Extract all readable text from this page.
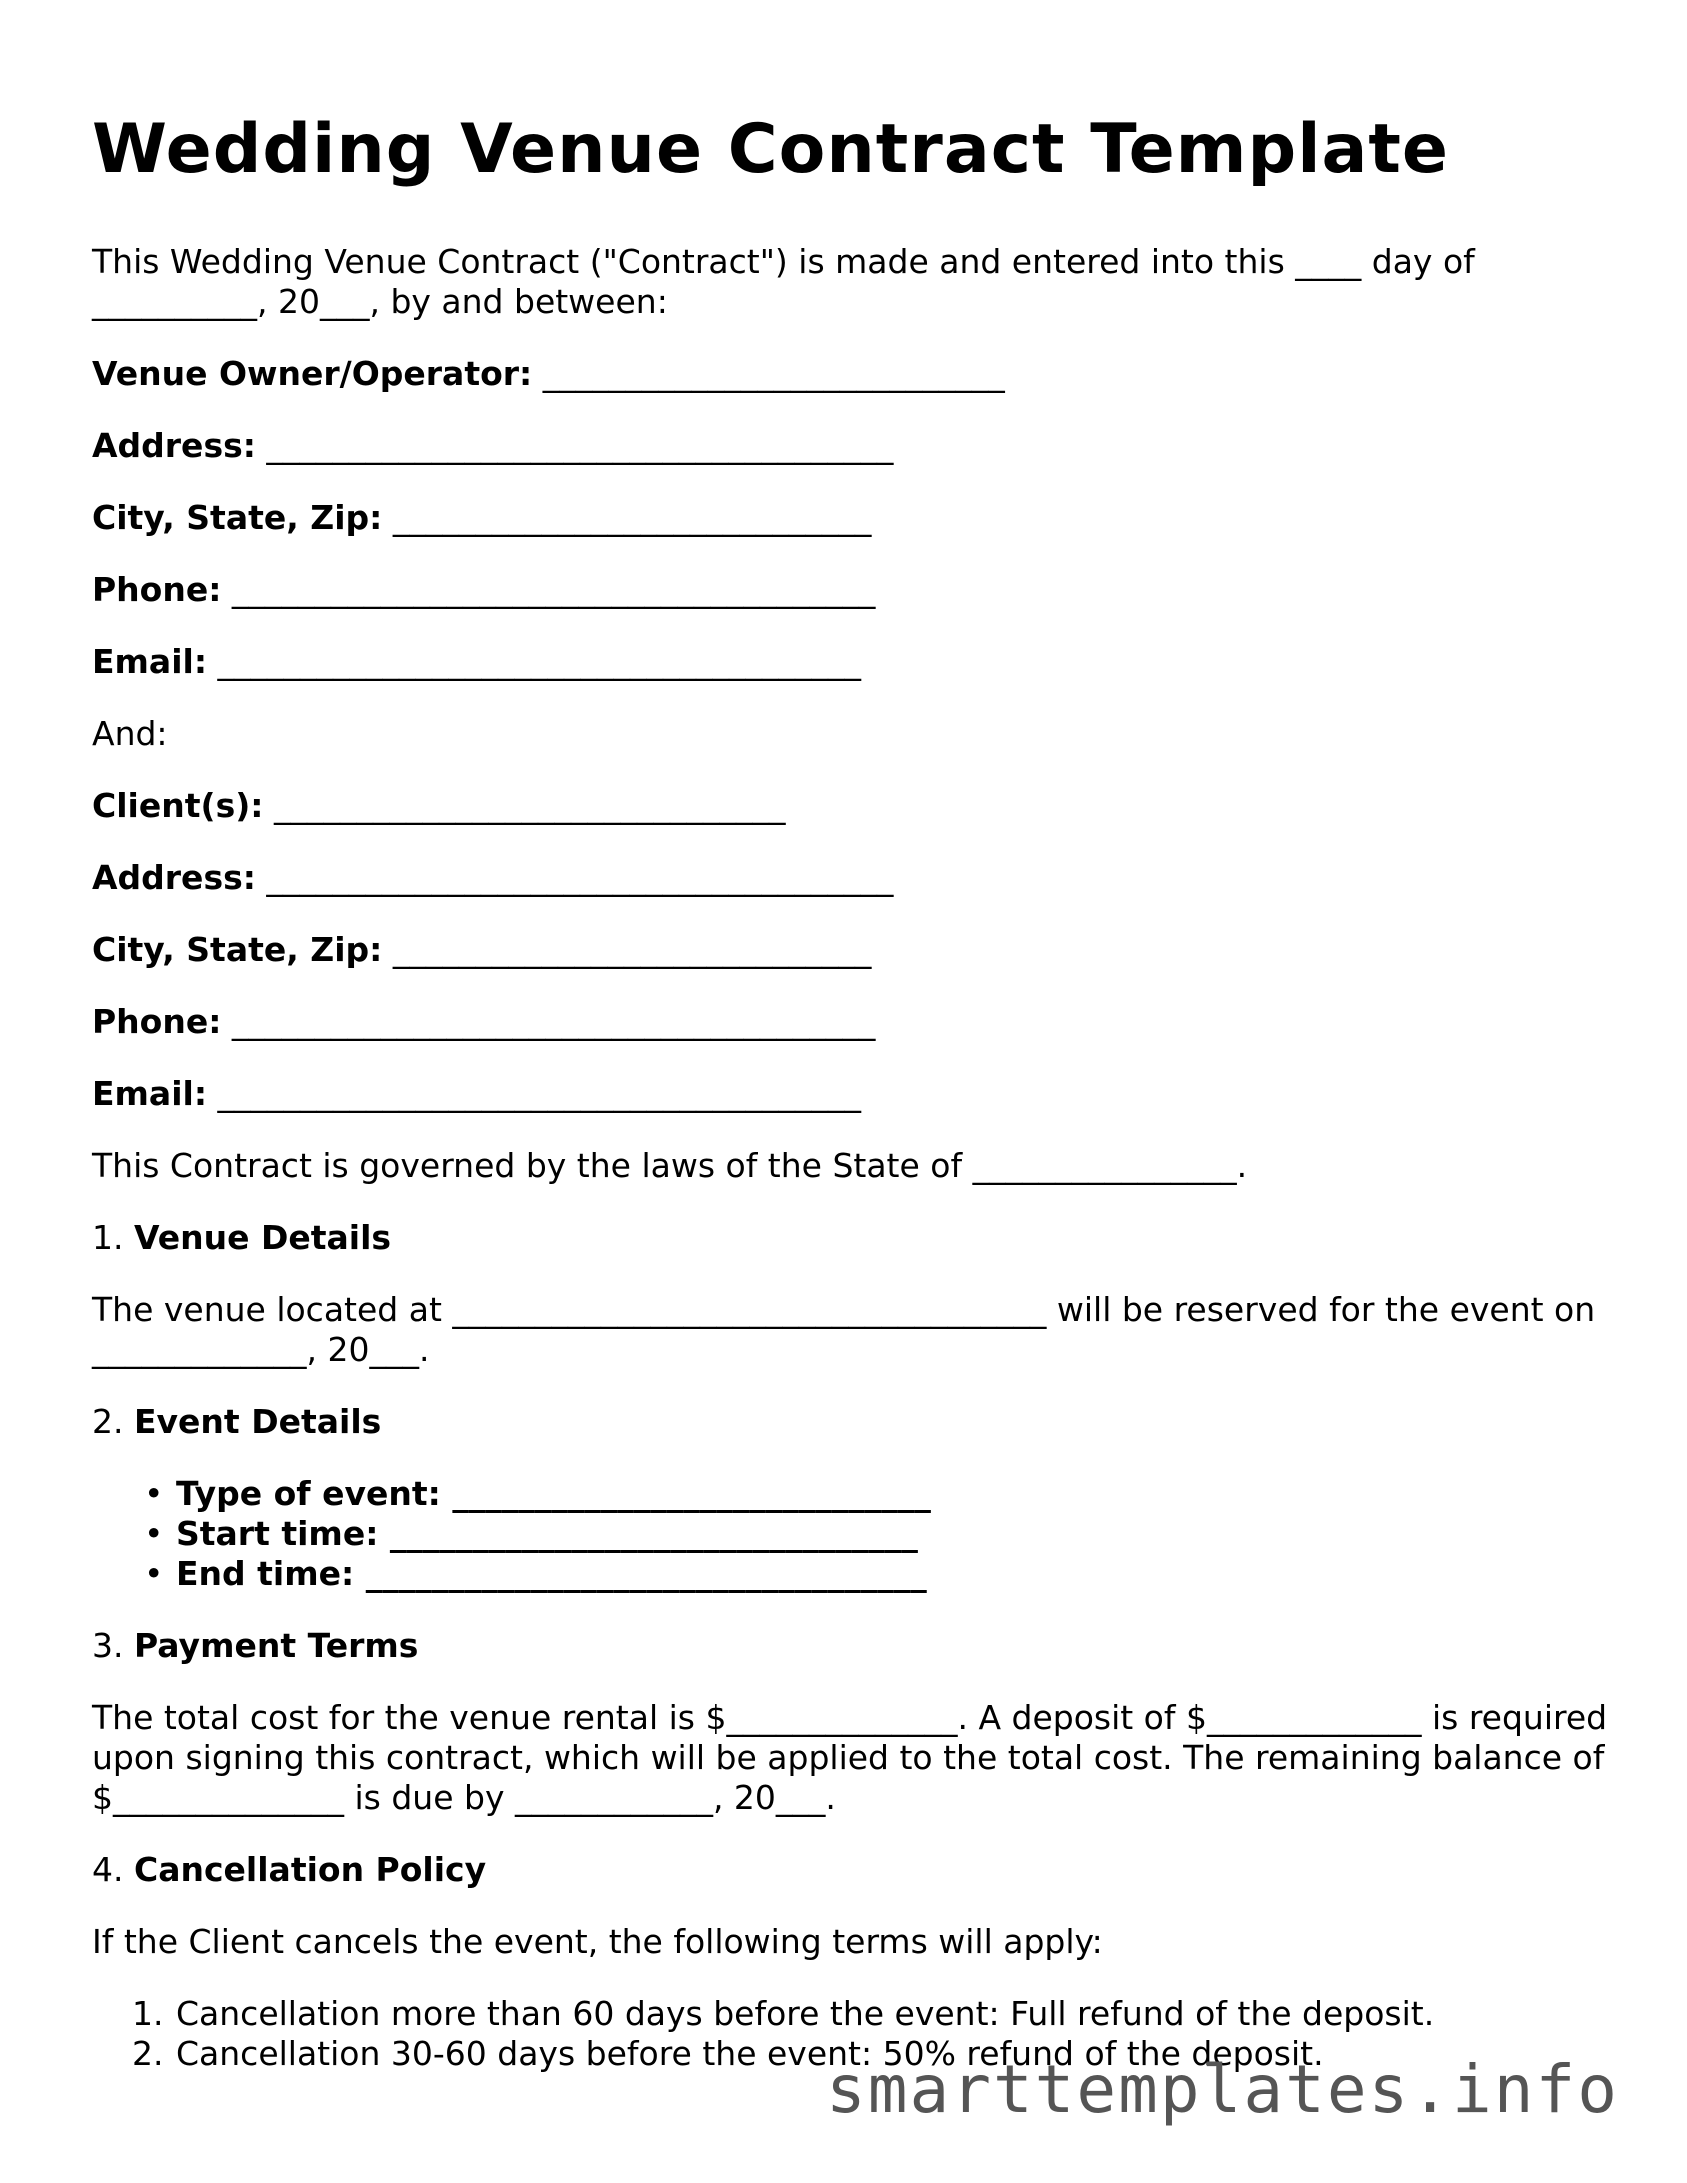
Wedding Venue Contract Template

This Wedding Venue Contract ("Contract") is made and entered into this ____ day of __________, 20___, by and between:

Venue Owner/Operator: ____________________________
Address: ______________________________________
City, State, Zip: _____________________________
Phone: _______________________________________
Email: _______________________________________

And:

Client(s): _______________________________
Address: ______________________________________
City, State, Zip: _____________________________
Phone: _______________________________________
Email: _______________________________________

This Contract is governed by the laws of the State of ________________.

1. Venue Details

The venue located at ____________________________________ will be reserved for the event on _____________, 20___.

2. Event Details
• Type of event: _____________________________
• Start time: ________________________________
• End time: __________________________________
3. Payment Terms

The total cost for the venue rental is $______________. A deposit of $_____________ is required upon signing this contract, which will be applied to the total cost. The remaining balance of $______________ is due by ____________, 20___.

4. Cancellation Policy

If the Client cancels the event, the following terms will apply:

1. Cancellation more than 60 days before the event: Full refund of the deposit.
2. Cancellation 30-60 days before the event: 50% refund of the deposit.
smarttemplates.info
